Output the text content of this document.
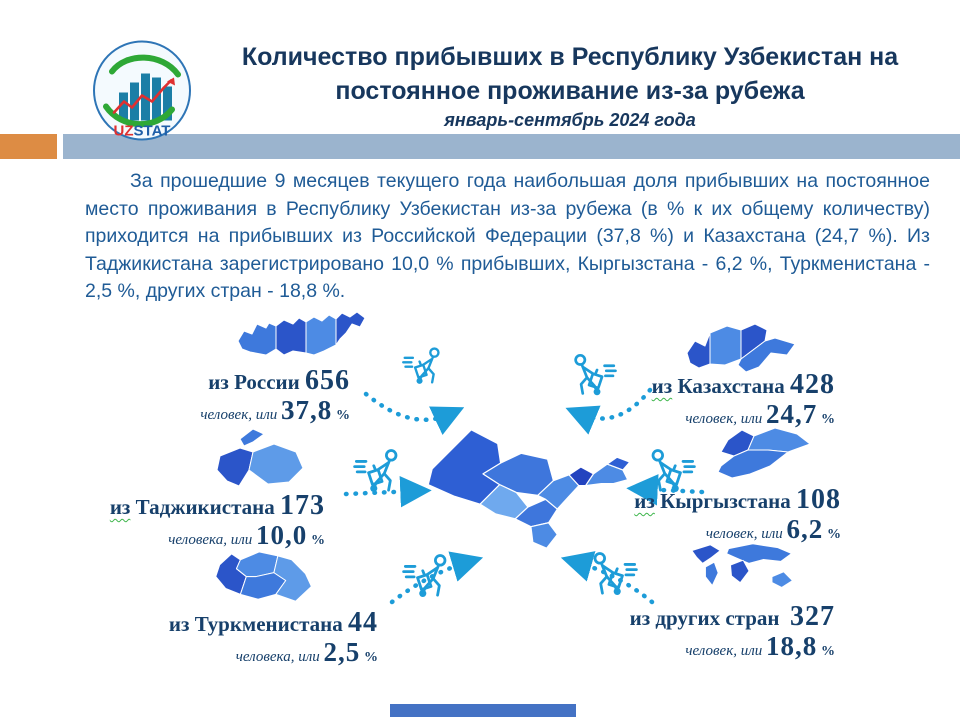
UZSTAT
Количество прибывших в Республику Узбекистан на
постоянное проживание из-за рубежа
январь-сентябрь 2024 года
За прошедшие 9 месяцев текущего года наибольшая доля прибывших на постоянное место проживания в Республику Узбекистан из-за рубежа (в % к их общему количеству) приходится на прибывших из Российской Федерации (37,8 %) и Казахстана (24,7 %). Из Таджикистана зарегистрировано 10,0 % прибывших, Кыргызстана - 6,2 %, Туркменистана - 2,5 %, других стран - 18,8 %.
из России 656
человек, или 37,8 %
из Казахстана 428
человек, или 24,7 %
из Таджикистана 173
человека, или 10,0 %
из Кыргызстана 108
человек, или 6,2 %
из Туркменистана 44
человека, или 2,5 %
из других стран 327
человек, или 18,8 %
